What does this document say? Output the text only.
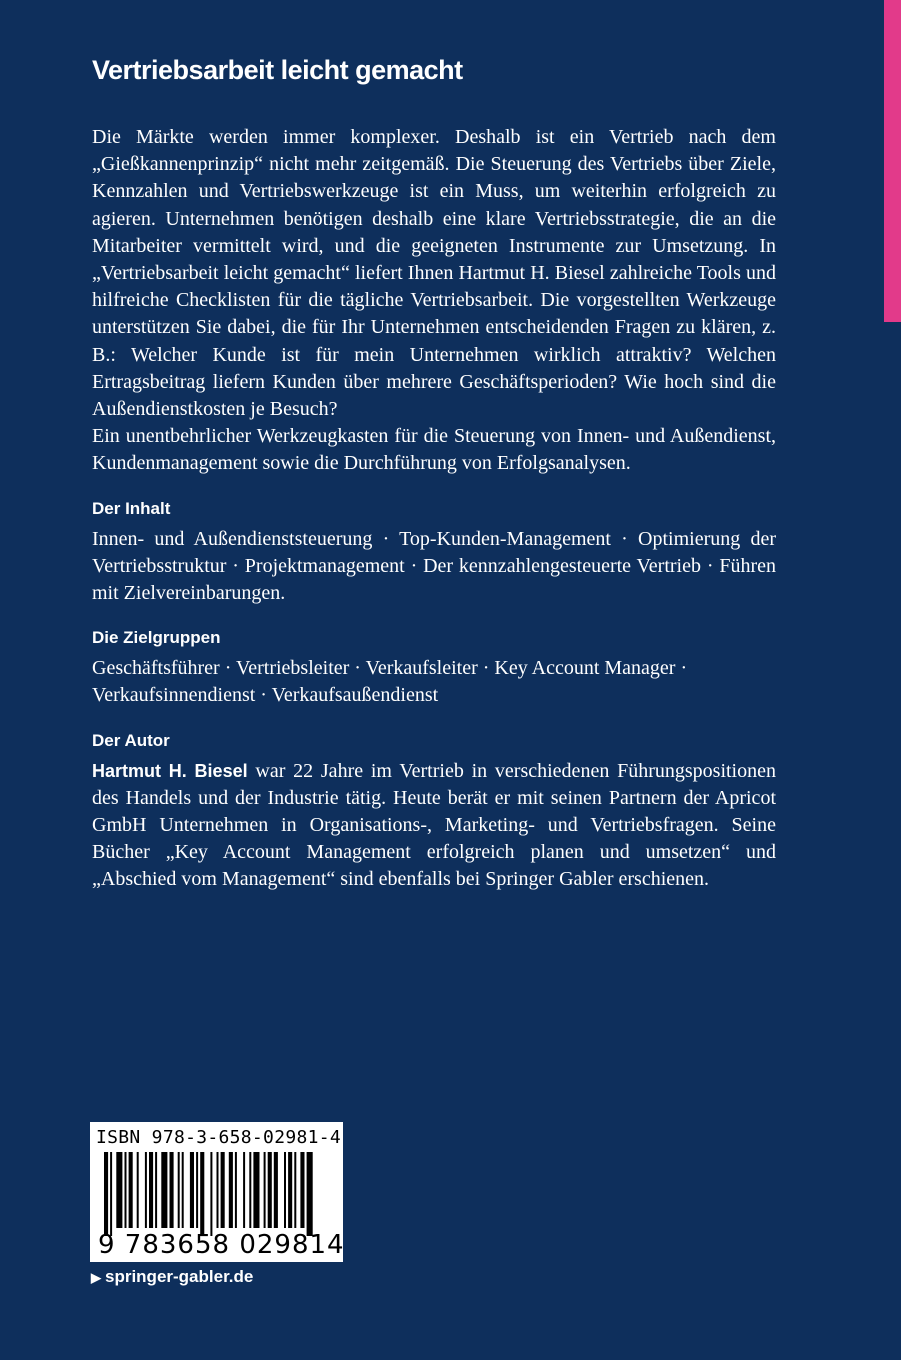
Vertriebsarbeit leicht gemacht

Die Märkte werden immer komplexer. Deshalb ist ein Vertrieb nach dem „Gießkannenprinzip“ nicht mehr zeitgemäß. Die Steuerung des Vertriebs über Ziele, Kennzahlen und Vertriebswerkzeuge ist ein Muss, um weiterhin erfolgreich zu agieren. Unternehmen benötigen deshalb eine klare Vertriebsstrategie, die an die Mitarbeiter vermittelt wird, und die geeigneten Instrumente zur Umsetzung. In „Vertriebsarbeit leicht gemacht“ liefert Ihnen Hartmut H. Biesel zahlreiche Tools und hilfreiche Checklisten für die tägliche Vertriebsarbeit. Die vorgestellten Werkzeuge unterstützen Sie dabei, die für Ihr Unternehmen entscheidenden Fragen zu klären, z. B.: Welcher Kunde ist für mein Unternehmen wirklich attraktiv? Welchen Ertragsbeitrag liefern Kunden über mehrere Geschäftsperioden? Wie hoch sind die Außendienstkosten je Besuch?

Ein unentbehrlicher Werkzeugkasten für die Steuerung von Innen- und Außendienst, Kundenmanagement sowie die Durchführung von Erfolgsanalysen.

Der Inhalt

Innen- und Außendienststeuerung · Top-Kunden-Management · Optimierung der Vertriebsstruktur · Projektmanagement · Der kennzahlengesteuerte Vertrieb · Führen mit Zielvereinbarungen.

Die Zielgruppen

Geschäftsführer · Vertriebsleiter · Verkaufsleiter · Key Account Manager · Verkaufsinnendienst · Verkaufsaußendienst

Der Autor

Hartmut H. Biesel war 22 Jahre im Vertrieb in verschiedenen Führungspositionen des Handels und der Industrie tätig. Heute berät er mit seinen Partnern der Apricot GmbH Unternehmen in Organisations-, Marketing- und Vertriebsfragen. Seine Bücher „Key Account Management erfolgreich planen und umsetzen“ und „Abschied vom Management“ sind ebenfalls bei Springer Gabler erschienen.

ISBN 978-3-658-02981-4
9 783658 029814
▶ springer-gabler.de
